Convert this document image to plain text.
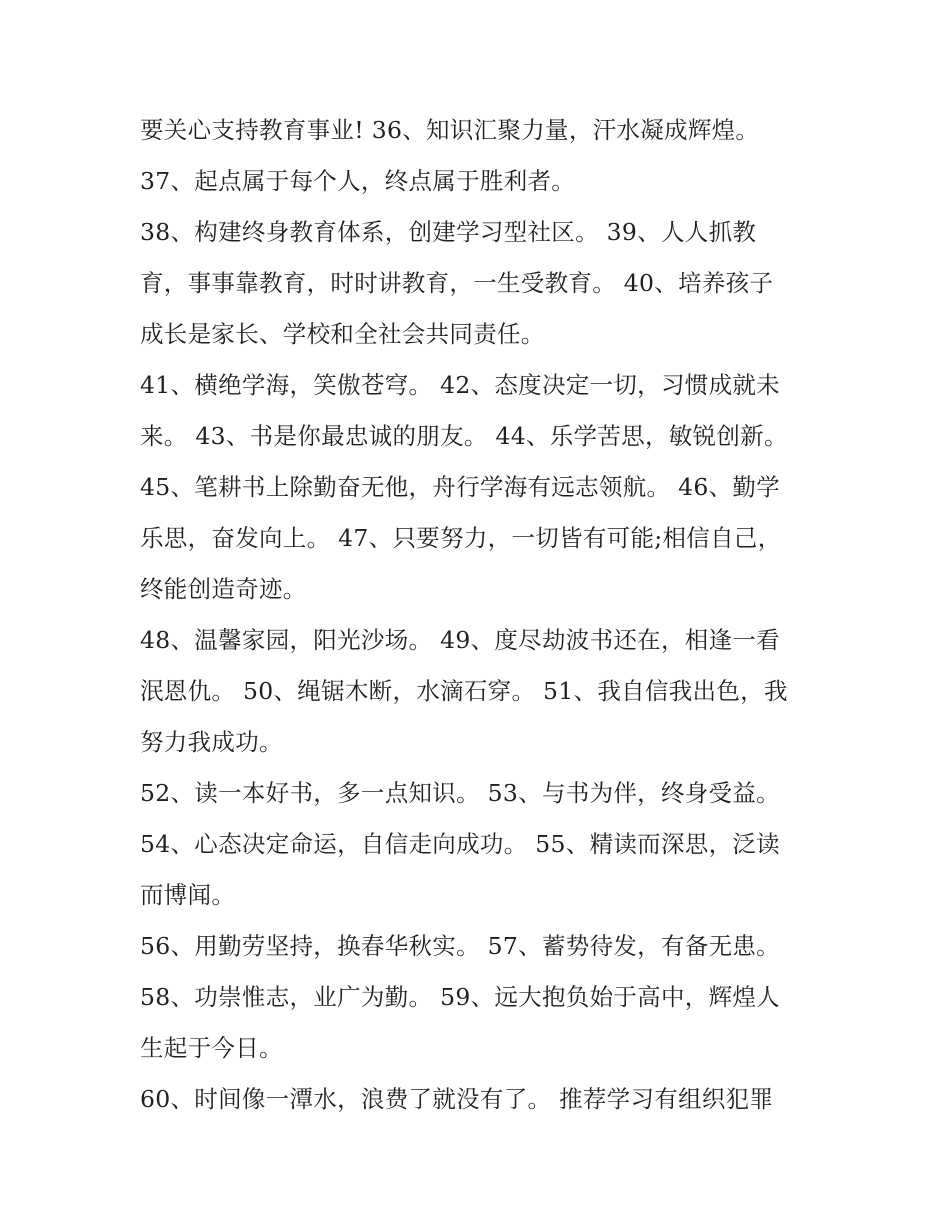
要关心支持教育事业! 36、知识汇聚力量，汗水凝成辉煌。
37、起点属于每个人，终点属于胜利者。
38、构建终身教育体系，创建学习型社区。 39、人人抓教
育，事事靠教育，时时讲教育，一生受教育。 40、培养孩子
成长是家长、学校和全社会共同责任。
41、横绝学海，笑傲苍穹。 42、态度决定一切，习惯成就未
来。 43、书是你最忠诚的朋友。 44、乐学苦思，敏锐创新。
45、笔耕书上除勤奋无他，舟行学海有远志领航。 46、勤学
乐思，奋发向上。 47、只要努力，一切皆有可能;相信自己，
终能创造奇迹。
48、温馨家园，阳光沙场。 49、度尽劫波书还在，相逢一看
泯恩仇。 50、绳锯木断，水滴石穿。 51、我自信我出色，我
努力我成功。
52、读一本好书，多一点知识。 53、与书为伴，终身受益。
54、心态决定命运，自信走向成功。 55、精读而深思，泛读
而博闻。
56、用勤劳坚持，换春华秋实。 57、蓄势待发，有备无患。
58、功崇惟志，业广为勤。 59、远大抱负始于高中，辉煌人
生起于今日。
60、时间像一潭水，浪费了就没有了。 推荐学习有组织犯罪
